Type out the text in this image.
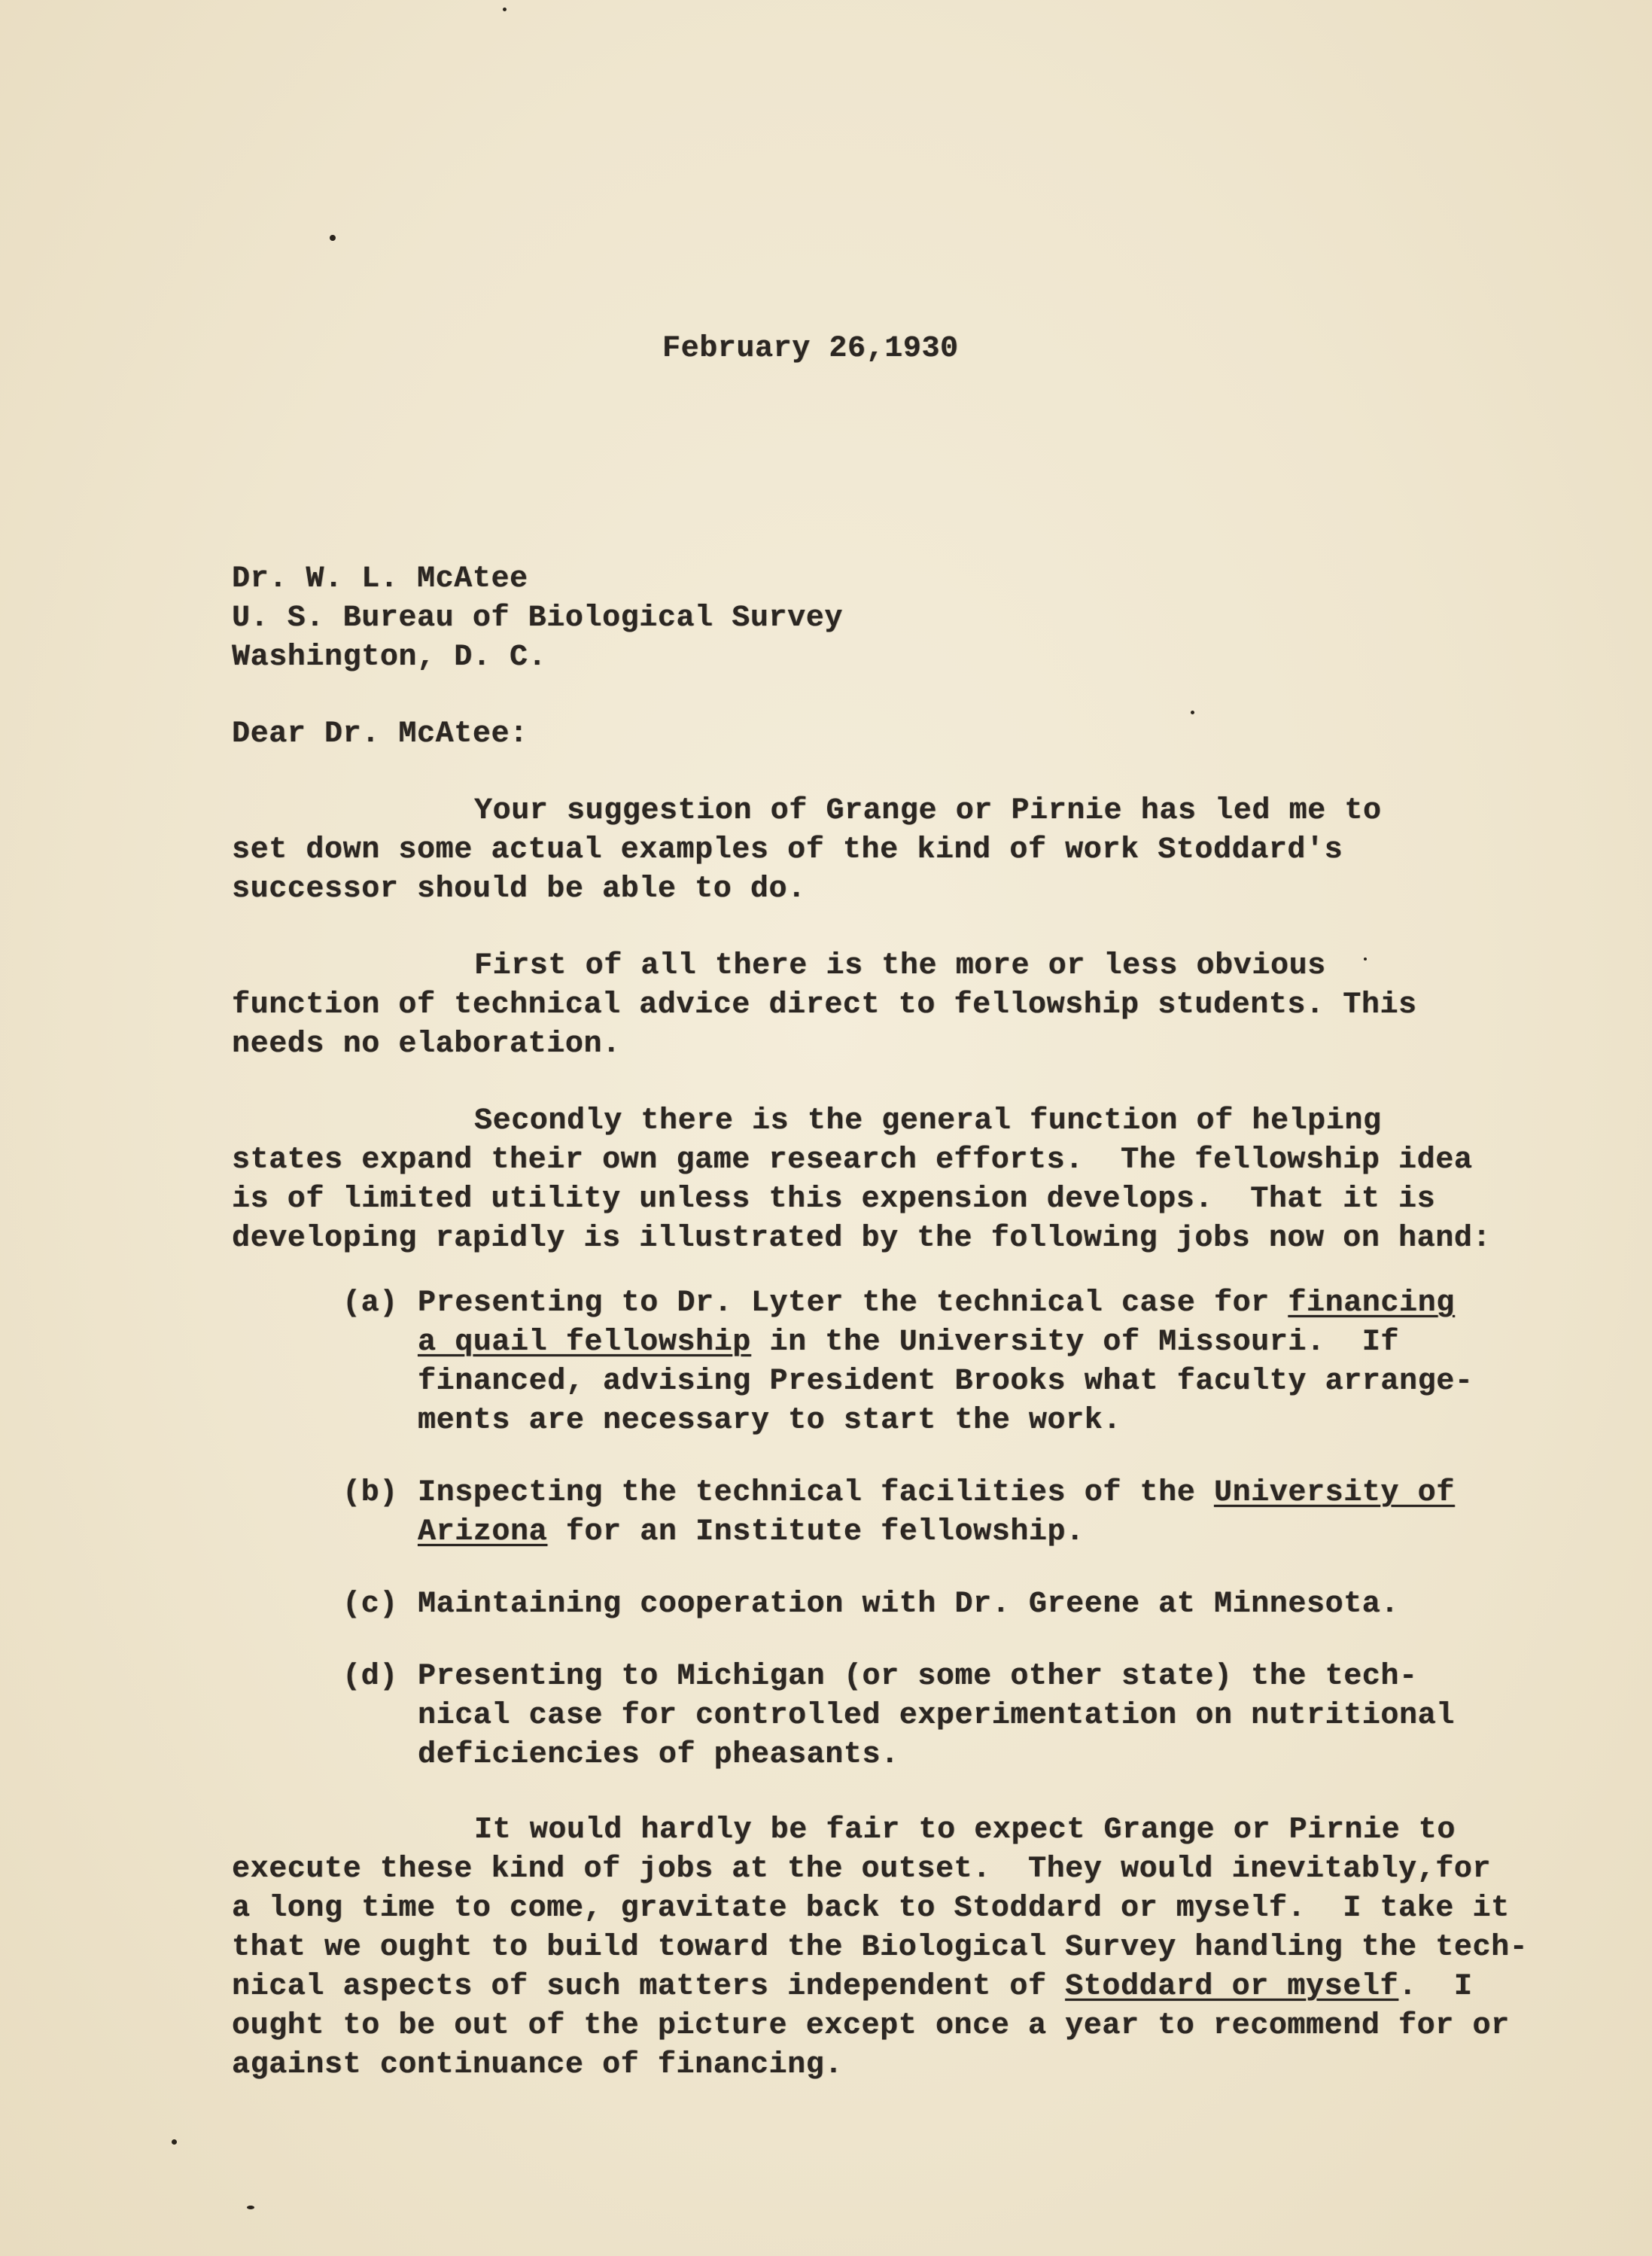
February 26,1930
Dr. W. L. McAtee
U. S. Bureau of Biological Survey
Washington, D. C.
Dear Dr. McAtee:
Your suggestion of Grange or Pirnie has led me to
set down some actual examples of the kind of work Stoddard's
successor should be able to do.
First of all there is the more or less obvious
function of technical advice direct to fellowship students. This
needs no elaboration.
Secondly there is the general function of helping
states expand their own game research efforts.  The fellowship idea
is of limited utility unless this expension develops.  That it is
developing rapidly is illustrated by the following jobs now on hand:
(a) Presenting to Dr. Lyter the technical case for financing
a quail fellowship in the University of Missouri.  If
financed, advising President Brooks what faculty arrange-
ments are necessary to start the work.
(b) Inspecting the technical facilities of the University of
Arizona for an Institute fellowship.
(c) Maintaining cooperation with Dr. Greene at Minnesota.
(d) Presenting to Michigan (or some other state) the tech-
nical case for controlled experimentation on nutritional
deficiencies of pheasants.
It would hardly be fair to expect Grange or Pirnie to
execute these kind of jobs at the outset.  They would inevitably,for
a long time to come, gravitate back to Stoddard or myself.  I take it
that we ought to build toward the Biological Survey handling the tech-
nical aspects of such matters independent of Stoddard or myself.  I
ought to be out of the picture except once a year to recommend for or
against continuance of financing.
